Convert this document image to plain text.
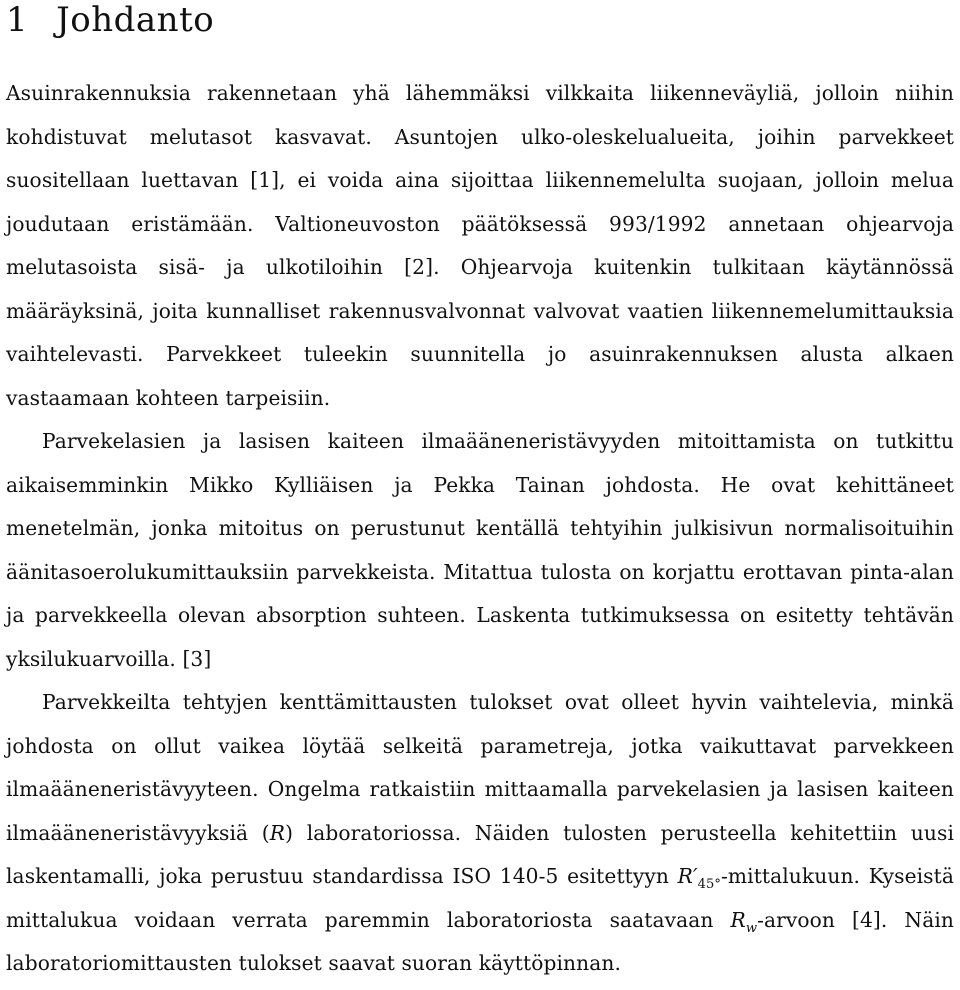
1 Johdanto

Asuinrakennuksia rakennetaan yhä lähemmäksi vilkkaita liikenneväyliä, jolloin niihin kohdistuvat melutasot kasvavat. Asuntojen ulko-oleskelualueita, joihin parvekkeet suositellaan luettavan [1], ei voida aina sijoittaa liikennemelulta suojaan, jolloin melua joudutaan eristämään. Valtioneuvoston päätöksessä 993/1992 annetaan ohjearvoja melutasoista sisä- ja ulkotiloihin [2]. Ohjearvoja kuitenkin tulkitaan käytännössä määräyksinä, joita kunnalliset rakennusvalvonnat valvovat vaatien liikennemelumittauksia vaihtelevasti. Parvekkeet tuleekin suunnitella jo asuinrakennuksen alusta alkaen vastaamaan kohteen tarpeisiin.

Parvekelasien ja lasisen kaiteen ilmaääneneristävyyden mitoittamista on tutkittu aikaisemminkin Mikko Kylliäisen ja Pekka Tainan johdosta. He ovat kehittäneet menetelmän, jonka mitoitus on perustunut kentällä tehtyihin julkisivun normalisoituihin äänitasoerolukumittauksiin parvekkeista. Mitattua tulosta on korjattu erottavan pinta-alan ja parvekkeella olevan absorption suhteen. Laskenta tutkimuksessa on esitetty tehtävän yksilukuarvoilla. [3]

Parvekkeilta tehtyjen kenttämittausten tulokset ovat olleet hyvin vaihtelevia, minkä johdosta on ollut vaikea löytää selkeitä parametreja, jotka vaikuttavat parvekkeen ilmaääneneristävyyteen. Ongelma ratkaistiin mittaamalla parvekelasien ja lasisen kaiteen ilmaääneneristävyyksiä (R) laboratoriossa. Näiden tulosten perusteella kehitettiin uusi laskentamalli, joka perustuu standardissa ISO 140-5 esitettyyn $R'_{45^\circ}$-mittalukuun. Kyseistä mittalukua voidaan verrata paremmin laboratoriosta saatavaan $R_w$-arvoon [4]. Näin laboratoriomittausten tulokset saavat suoran käyttöpinnan.
